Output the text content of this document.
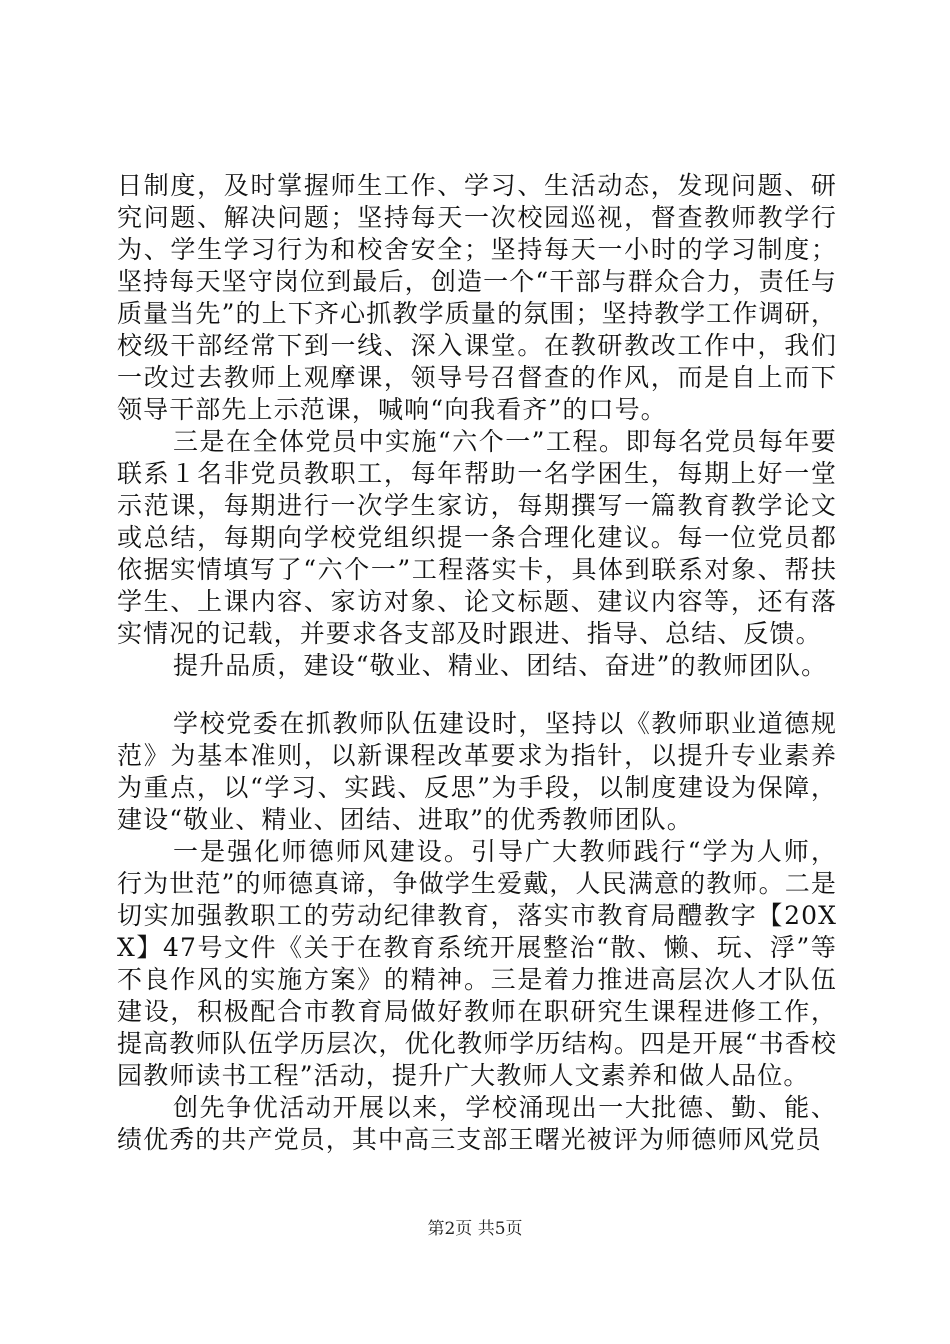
日制度，及时掌握师生工作、学习、生活动态，发现问题、研究问题、解决问题；坚持每天一次校园巡视，督查教师教学行为、学生学习行为和校舍安全；坚持每天一小时的学习制度；坚持每天坚守岗位到最后，创造一个“干部与群众合力，责任与质量当先”的上下齐心抓教学质量的氛围；坚持教学工作调研，校级干部经常下到一线、深入课堂。在教研教改工作中，我们一改过去教师上观摩课，领导号召督查的作风，而是自上而下领导干部先上示范课，喊响“向我看齐”的口号。

三是在全体党员中实施“六个一”工程。即每名党员每年要联系１名非党员教职工，每年帮助一名学困生，每期上好一堂示范课，每期进行一次学生家访，每期撰写一篇教育教学论文或总结，每期向学校党组织提一条合理化建议。每一位党员都依据实情填写了“六个一”工程落实卡，具体到联系对象、帮扶学生、上课内容、家访对象、论文标题、建议内容等，还有落实情况的记载，并要求各支部及时跟进、指导、总结、反馈。

提升品质，建设“敬业、精业、团结、奋进”的教师团队。

学校党委在抓教师队伍建设时，坚持以《教师职业道德规范》为基本准则，以新课程改革要求为指针，以提升专业素养为重点，以“学习、实践、反思”为手段，以制度建设为保障，建设“敬业、精业、团结、进取”的优秀教师团队。

一是强化师德师风建设。引导广大教师践行“学为人师，行为世范”的师德真谛，争做学生爱戴，人民满意的教师。二是切实加强教职工的劳动纪律教育，落实市教育局醴教字【20XX】47号文件《关于在教育系统开展整治“散、懒、玩、浮”等不良作风的实施方案》的精神。三是着力推进高层次人才队伍建设，积极配合市教育局做好教师在职研究生课程进修工作，提高教师队伍学历层次，优化教师学历结构。四是开展“书香校园教师读书工程”活动，提升广大教师人文素养和做人品位。

创先争优活动开展以来，学校涌现出一大批德、勤、能、绩优秀的共产党员，其中高三支部王曙光被评为师德师风党员

第2页 共5页
